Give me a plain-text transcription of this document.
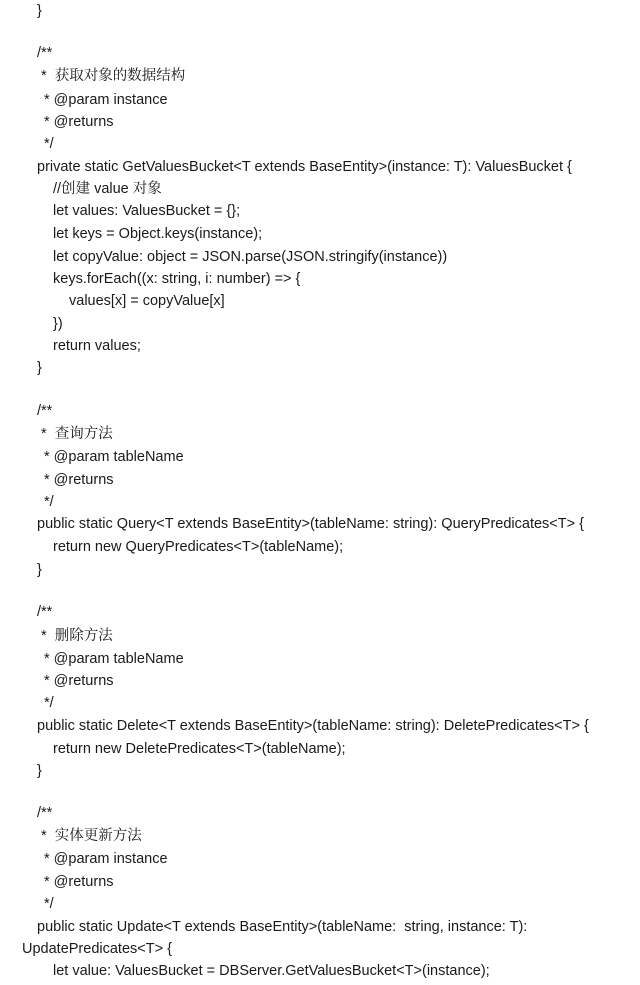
}
/**
*  获取对象的数据结构
* @param instance
* @returns
*/
private static GetValuesBucket<T extends BaseEntity>(instance: T): ValuesBucket {
//创建 value 对象
let values: ValuesBucket = {};
let keys = Object.keys(instance);
let copyValue: object = JSON.parse(JSON.stringify(instance))
keys.forEach((x: string, i: number) => {
values[x] = copyValue[x]
})
return values;
}
/**
*  查询方法
* @param tableName
* @returns
*/
public static Query<T extends BaseEntity>(tableName: string): QueryPredicates<T> {
return new QueryPredicates<T>(tableName);
}
/**
*  删除方法
* @param tableName
* @returns
*/
public static Delete<T extends BaseEntity>(tableName: string): DeletePredicates<T> {
return new DeletePredicates<T>(tableName);
}
/**
*  实体更新方法
* @param instance
* @returns
*/
public static Update<T extends BaseEntity>(tableName:  string, instance: T):
UpdatePredicates<T> {
let value: ValuesBucket = DBServer.GetValuesBucket<T>(instance);
